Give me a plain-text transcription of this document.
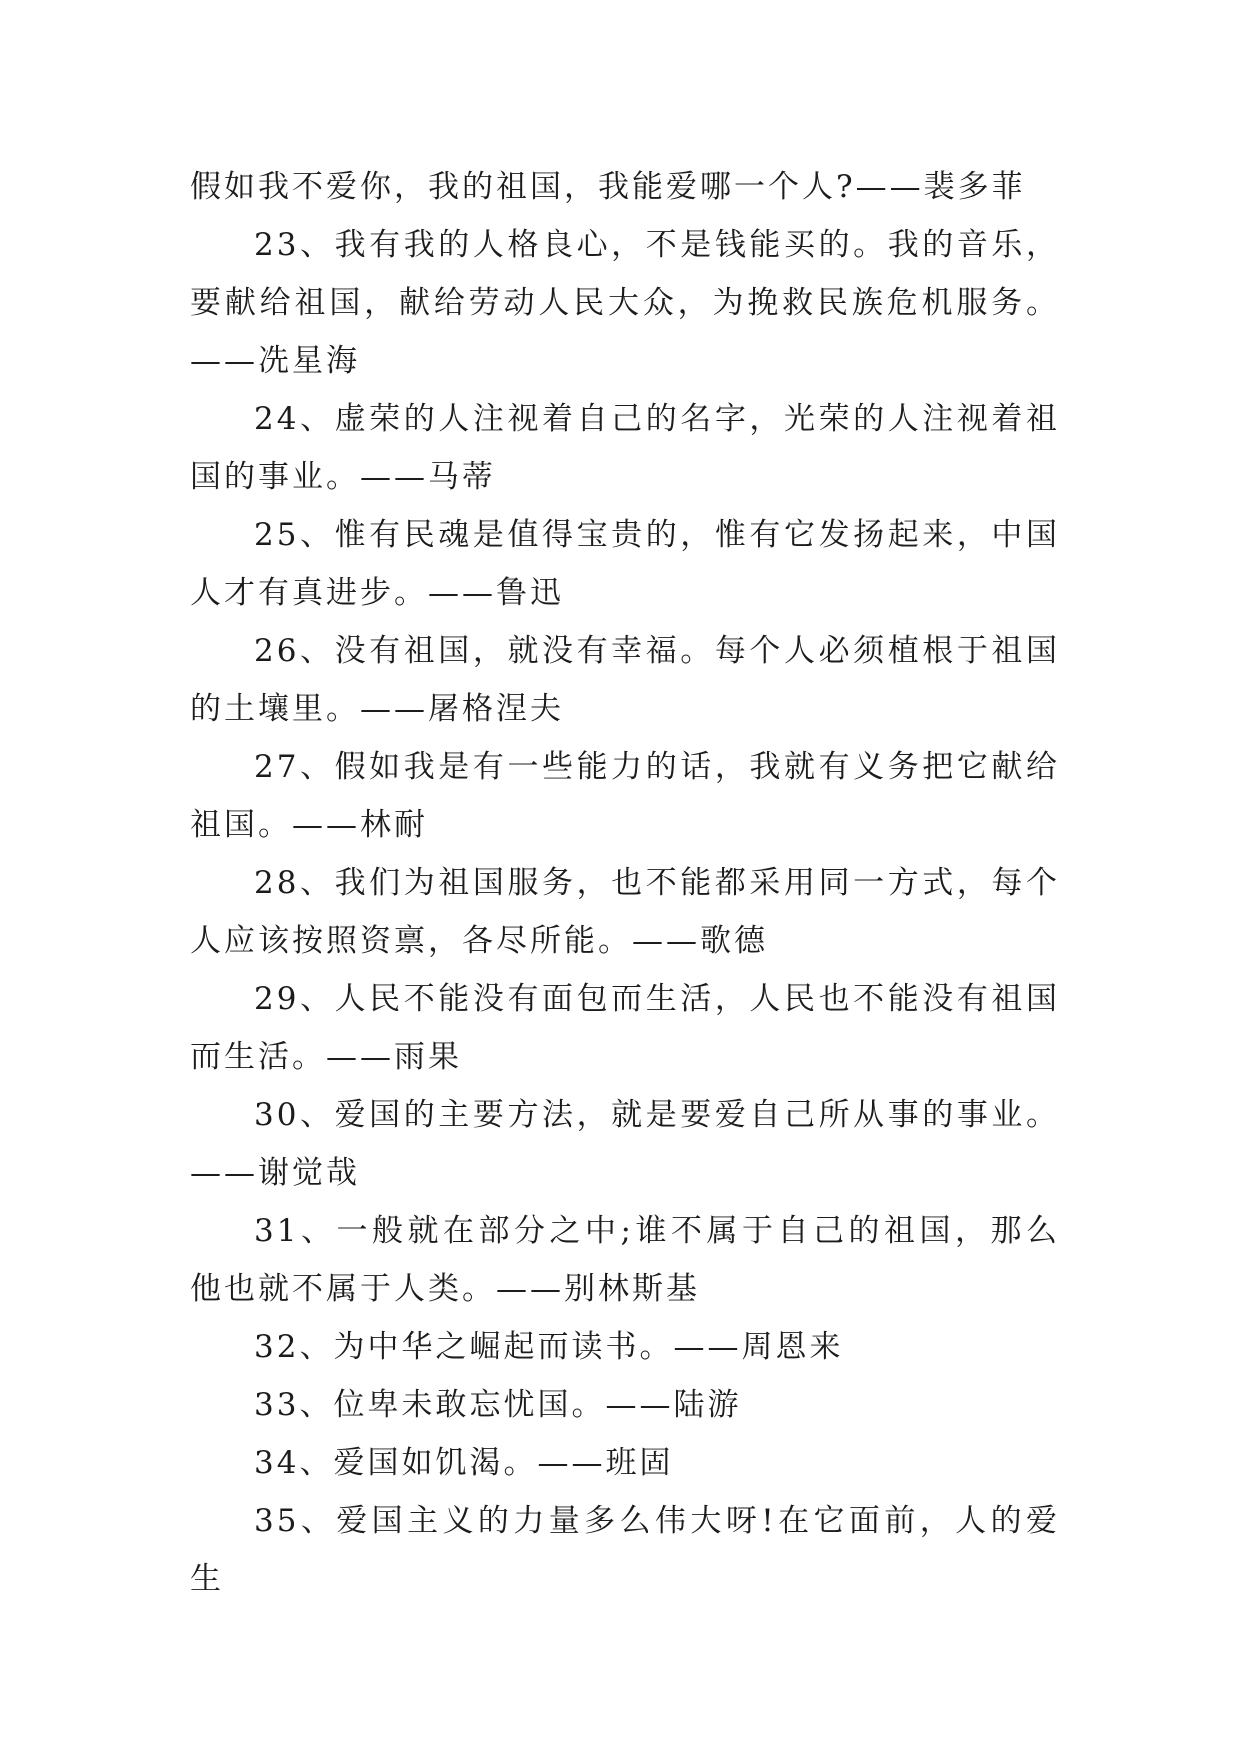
假如我不爱你，我的祖国，我能爱哪一个人?——裴多菲

23、我有我的人格良心，不是钱能买的。我的音乐，要献给祖国，献给劳动人民大众，为挽救民族危机服务。——冼星海

24、虚荣的人注视着自己的名字，光荣的人注视着祖国的事业。——马蒂

25、惟有民魂是值得宝贵的，惟有它发扬起来，中国人才有真进步。——鲁迅

26、没有祖国，就没有幸福。每个人必须植根于祖国的土壤里。——屠格涅夫

27、假如我是有一些能力的话，我就有义务把它献给祖国。——林耐

28、我们为祖国服务，也不能都采用同一方式，每个人应该按照资禀，各尽所能。——歌德

29、人民不能没有面包而生活，人民也不能没有祖国而生活。——雨果

30、爱国的主要方法，就是要爱自己所从事的事业。——谢觉哉

31、一般就在部分之中;谁不属于自己的祖国，那么他也就不属于人类。——别林斯基

32、为中华之崛起而读书。——周恩来

33、位卑未敢忘忧国。——陆游

34、爱国如饥渴。——班固

35、爱国主义的力量多么伟大呀!在它面前，人的爱生
